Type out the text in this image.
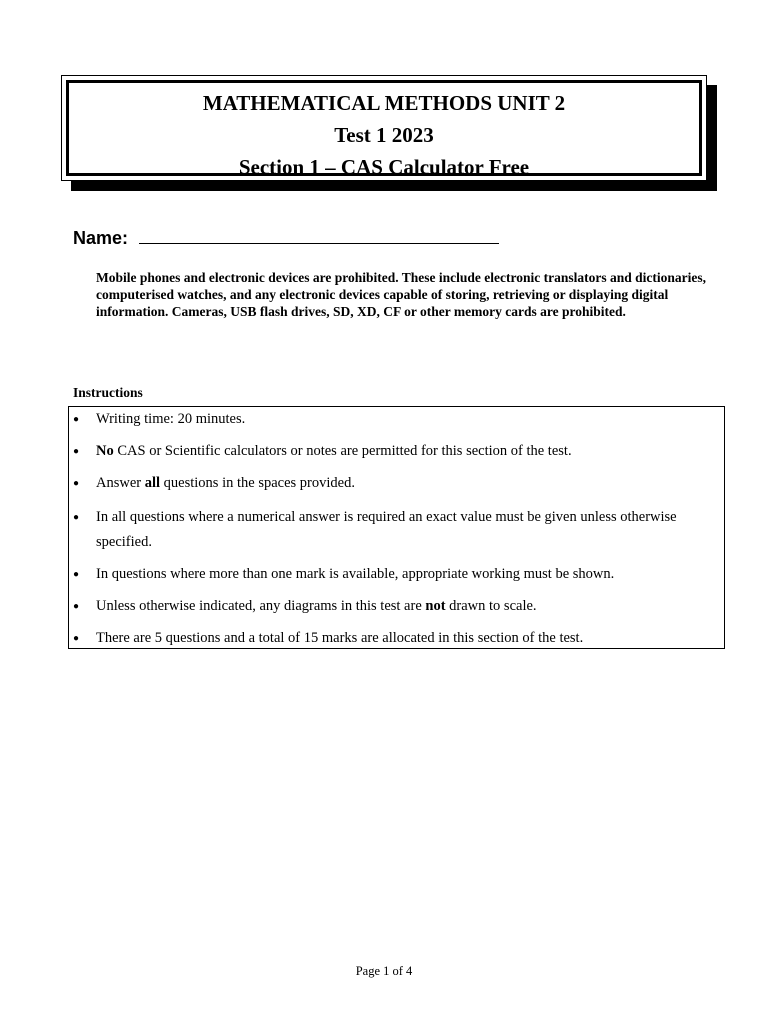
MATHEMATICAL METHODS UNIT 2
Test 1 2023
Section 1 – CAS Calculator Free
Name:
Mobile phones and electronic devices are prohibited. These include electronic translators and dictionaries, computerised watches, and any electronic devices capable of storing, retrieving or displaying digital information. Cameras, USB flash drives, SD, XD, CF or other memory cards are prohibited.
Instructions
● Writing time: 20 minutes.
● No CAS or Scientific calculators or notes are permitted for this section of the test.
● Answer all questions in the spaces provided.
● In all questions where a numerical answer is required an exact value must be given unless otherwise specified.
● In questions where more than one mark is available, appropriate working must be shown.
● Unless otherwise indicated, any diagrams in this test are not drawn to scale.
● There are 5 questions and a total of 15 marks are allocated in this section of the test.
Page 1 of 4
